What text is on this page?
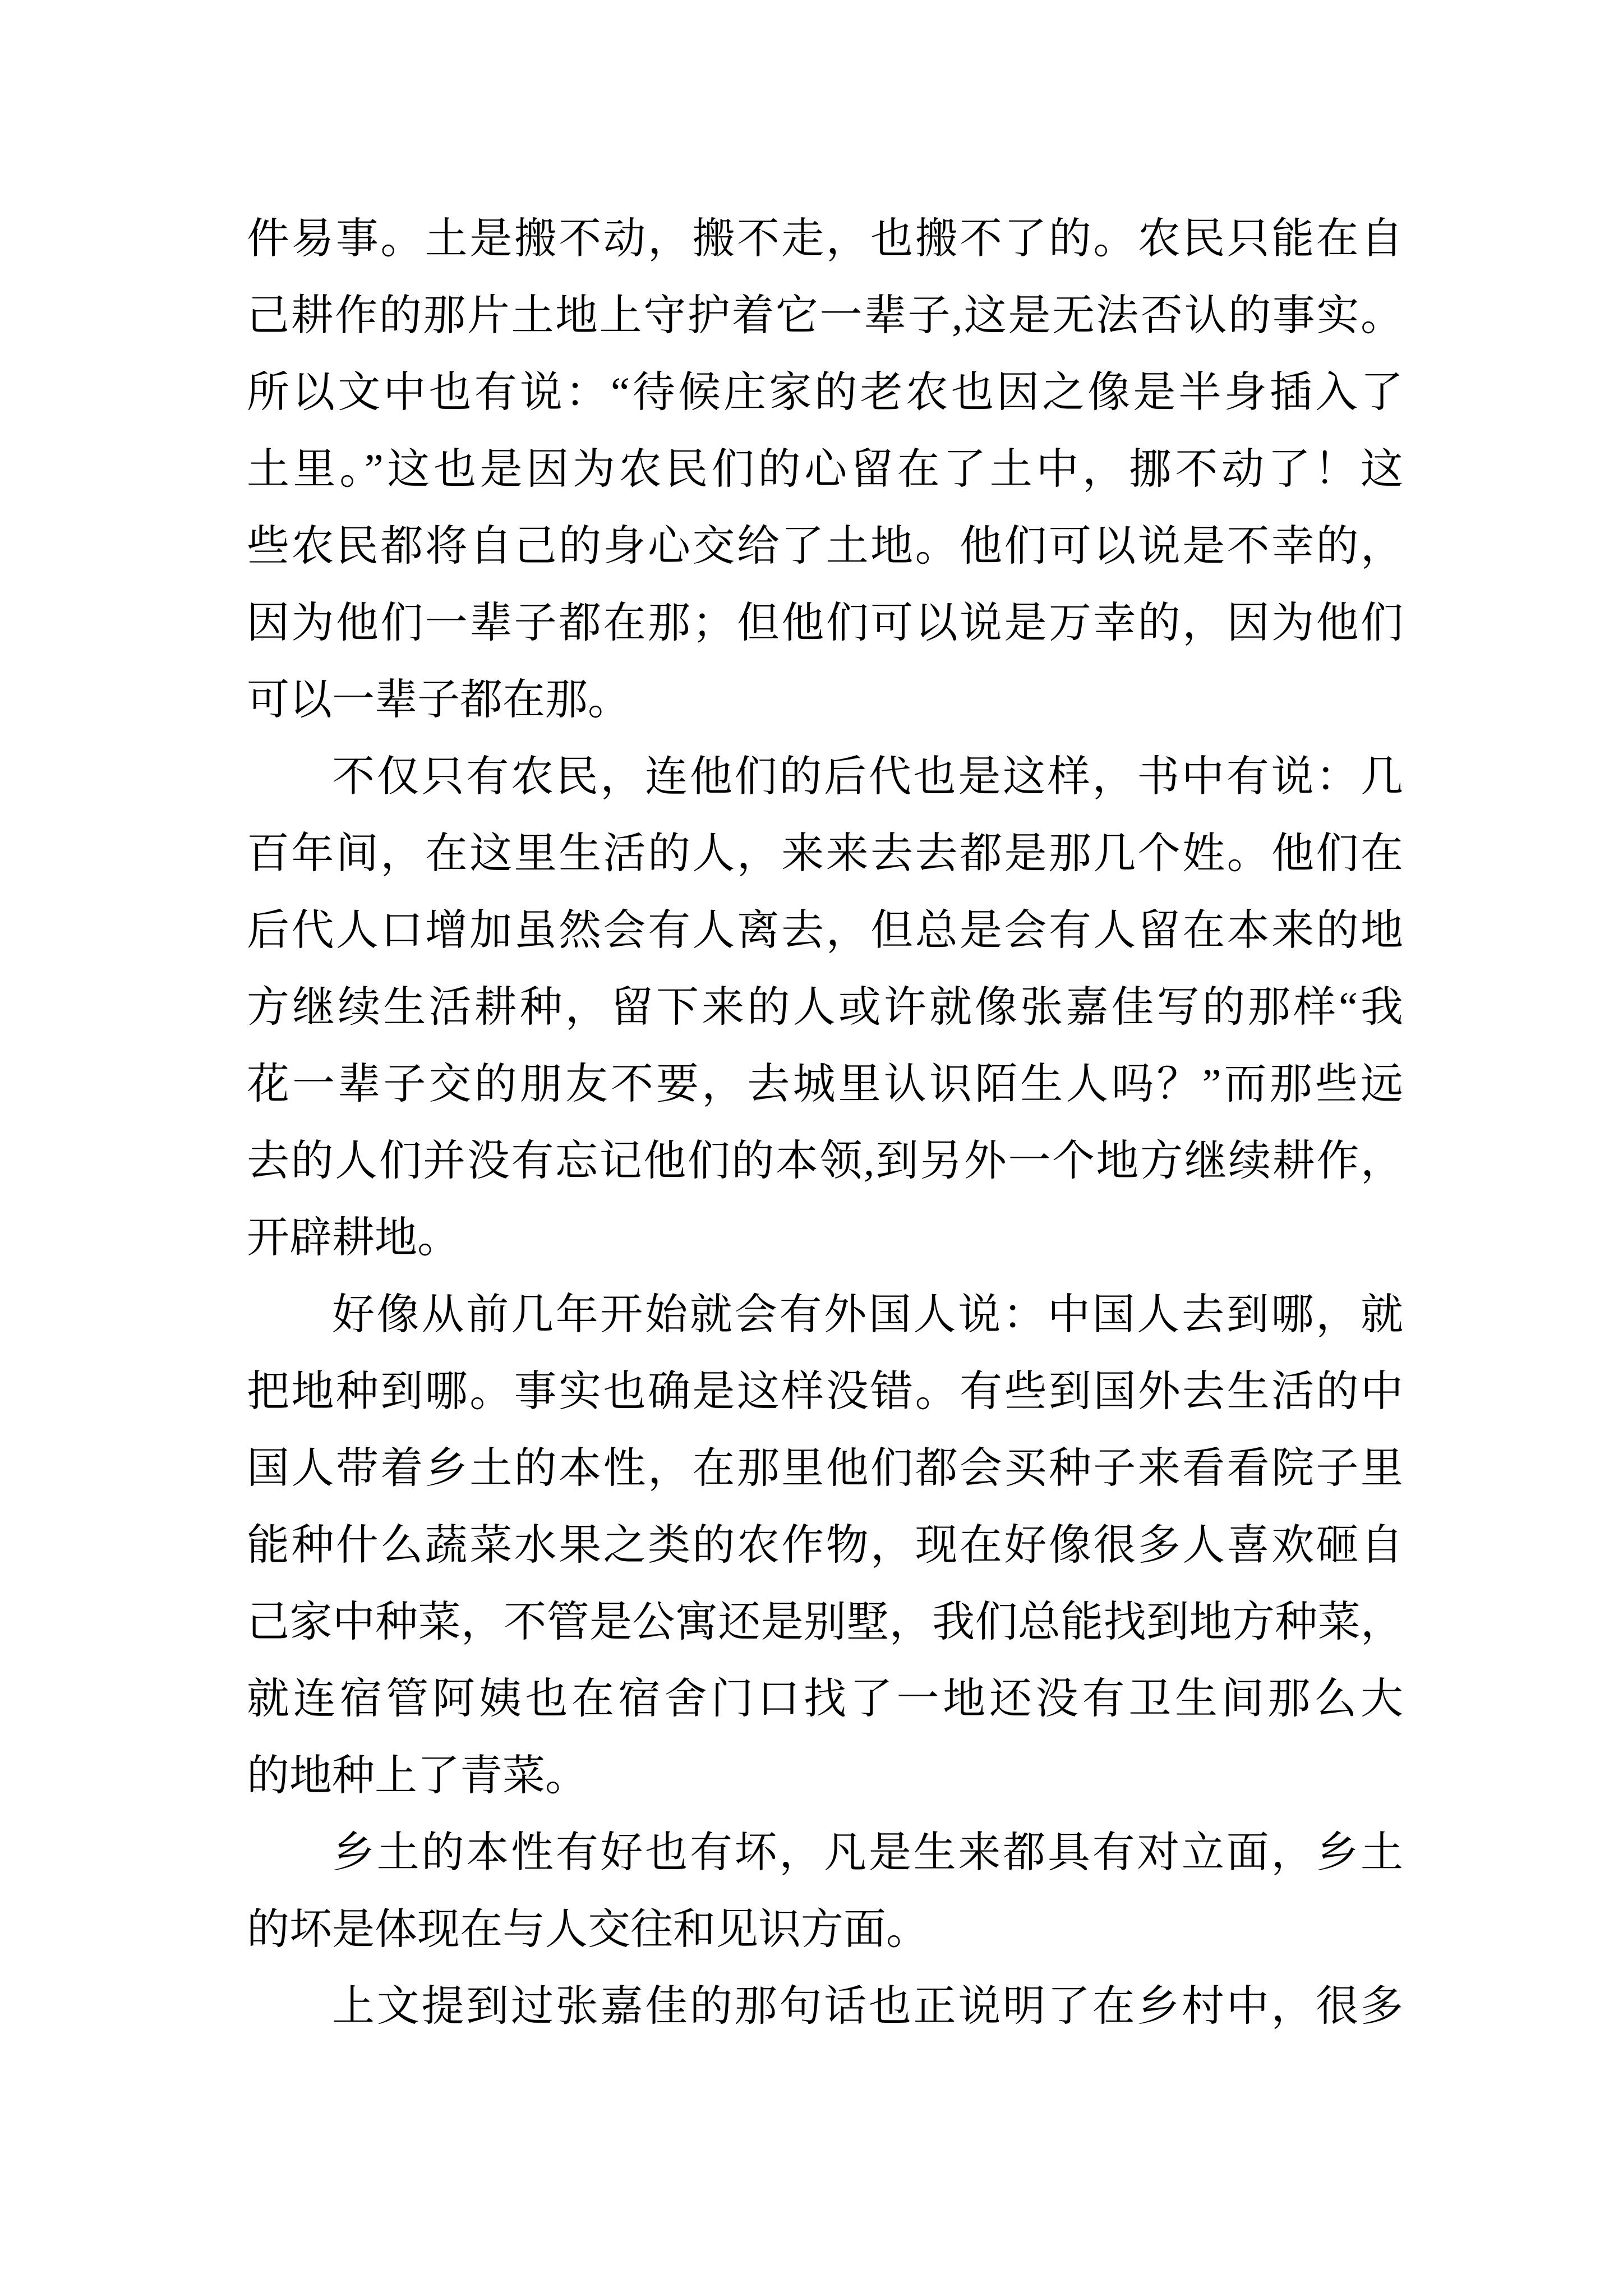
件易事。土是搬不动，搬不走，也搬不了的。农民只能在自
己耕作的那片土地上守护着它一辈子,这是无法否认的事实。
所以文中也有说：“待候庄家的老农也因之像是半身插入了
土里。”这也是因为农民们的心留在了土中，挪不动了！这
些农民都将自己的身心交给了土地。他们可以说是不幸的，
因为他们一辈子都在那；但他们可以说是万幸的，因为他们
可以一辈子都在那。
不仅只有农民，连他们的后代也是这样，书中有说：几
百年间，在这里生活的人，来来去去都是那几个姓。他们在
后代人口增加虽然会有人离去，但总是会有人留在本来的地
方继续生活耕种，留下来的人或许就像张嘉佳写的那样“我
花一辈子交的朋友不要，去城里认识陌生人吗？”而那些远
去的人们并没有忘记他们的本领,到另外一个地方继续耕作，
开辟耕地。
好像从前几年开始就会有外国人说：中国人去到哪，就
把地种到哪。事实也确是这样没错。有些到国外去生活的中
国人带着乡土的本性，在那里他们都会买种子来看看院子里
能种什么蔬菜水果之类的农作物，现在好像很多人喜欢砸自
己家中种菜，不管是公寓还是别墅，我们总能找到地方种菜，
就连宿管阿姨也在宿舍门口找了一地还没有卫生间那么大
的地种上了青菜。
乡土的本性有好也有坏，凡是生来都具有对立面，乡土
的坏是体现在与人交往和见识方面。
上文提到过张嘉佳的那句话也正说明了在乡村中，很多
